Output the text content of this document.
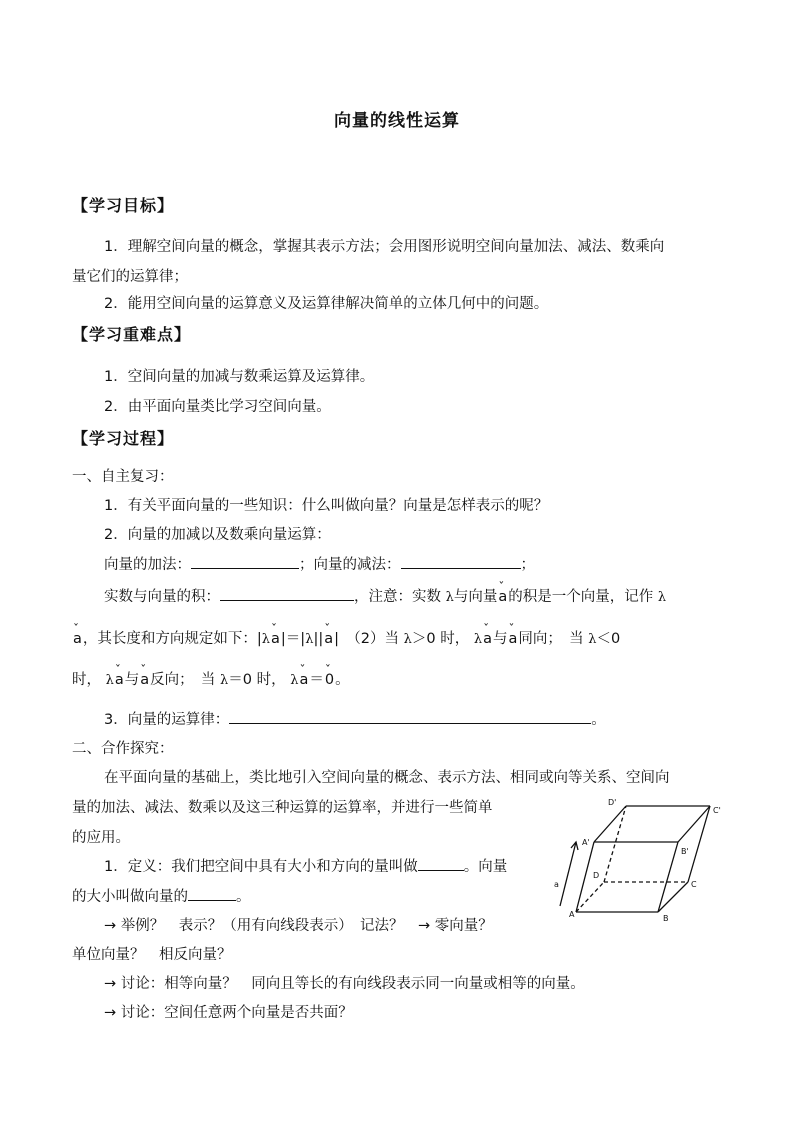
向量的线性运算
【学习目标】
1．理解空间向量的概念，掌握其表示方法；会用图形说明空间向量加法、减法、数乘向
量它们的运算律；
2．能用空间向量的运算意义及运算律解决简单的立体几何中的问题。
【学习重难点】
1．空间向量的加减与数乘运算及运算律。
2．由平面向量类比学习空间向量。
【学习过程】
一、自主复习：
1．有关平面向量的一些知识：什么叫做向量？向量是怎样表示的呢？
2．向量的加减以及数乘向量运算：
向量的加法：	；向量的减法：	；
实数与向量的积：	，注意：实数 λ与向量ˇ a的积是一个向量，记作 λ
ˇ a，其长度和方向规定如下：|λˇ a|＝|λ||ˇ a|　（2）当 λ＞0 时， λˇ a与ˇ a同向；　当 λ＜0
时， λˇ a与ˇ a反向；　当 λ＝0 时， λˇ a＝ˇ 0。
3．向量的运算律：	。
二、合作探究：
在平面向量的基础上，类比地引入空间向量的概念、表示方法、相同或向等关系、空间向
量的加法、减法、数乘以及这三种运算的运算率，并进行一些简单
的应用。
1．定义：我们把空间中具有大小和方向的量叫做	。向量
的大小叫做向量的	。
→ 举例？　表示？（用有向线段表示）　记法？　→ 零向量？
单位向量？　相反向量？
→ 讨论：相等向量？　同向且等长的有向线段表示同一向量或相等的向量。
→ 讨论：空间任意两个向量是否共面？
A	B
C
D
A'
B'
C'
D'
a
